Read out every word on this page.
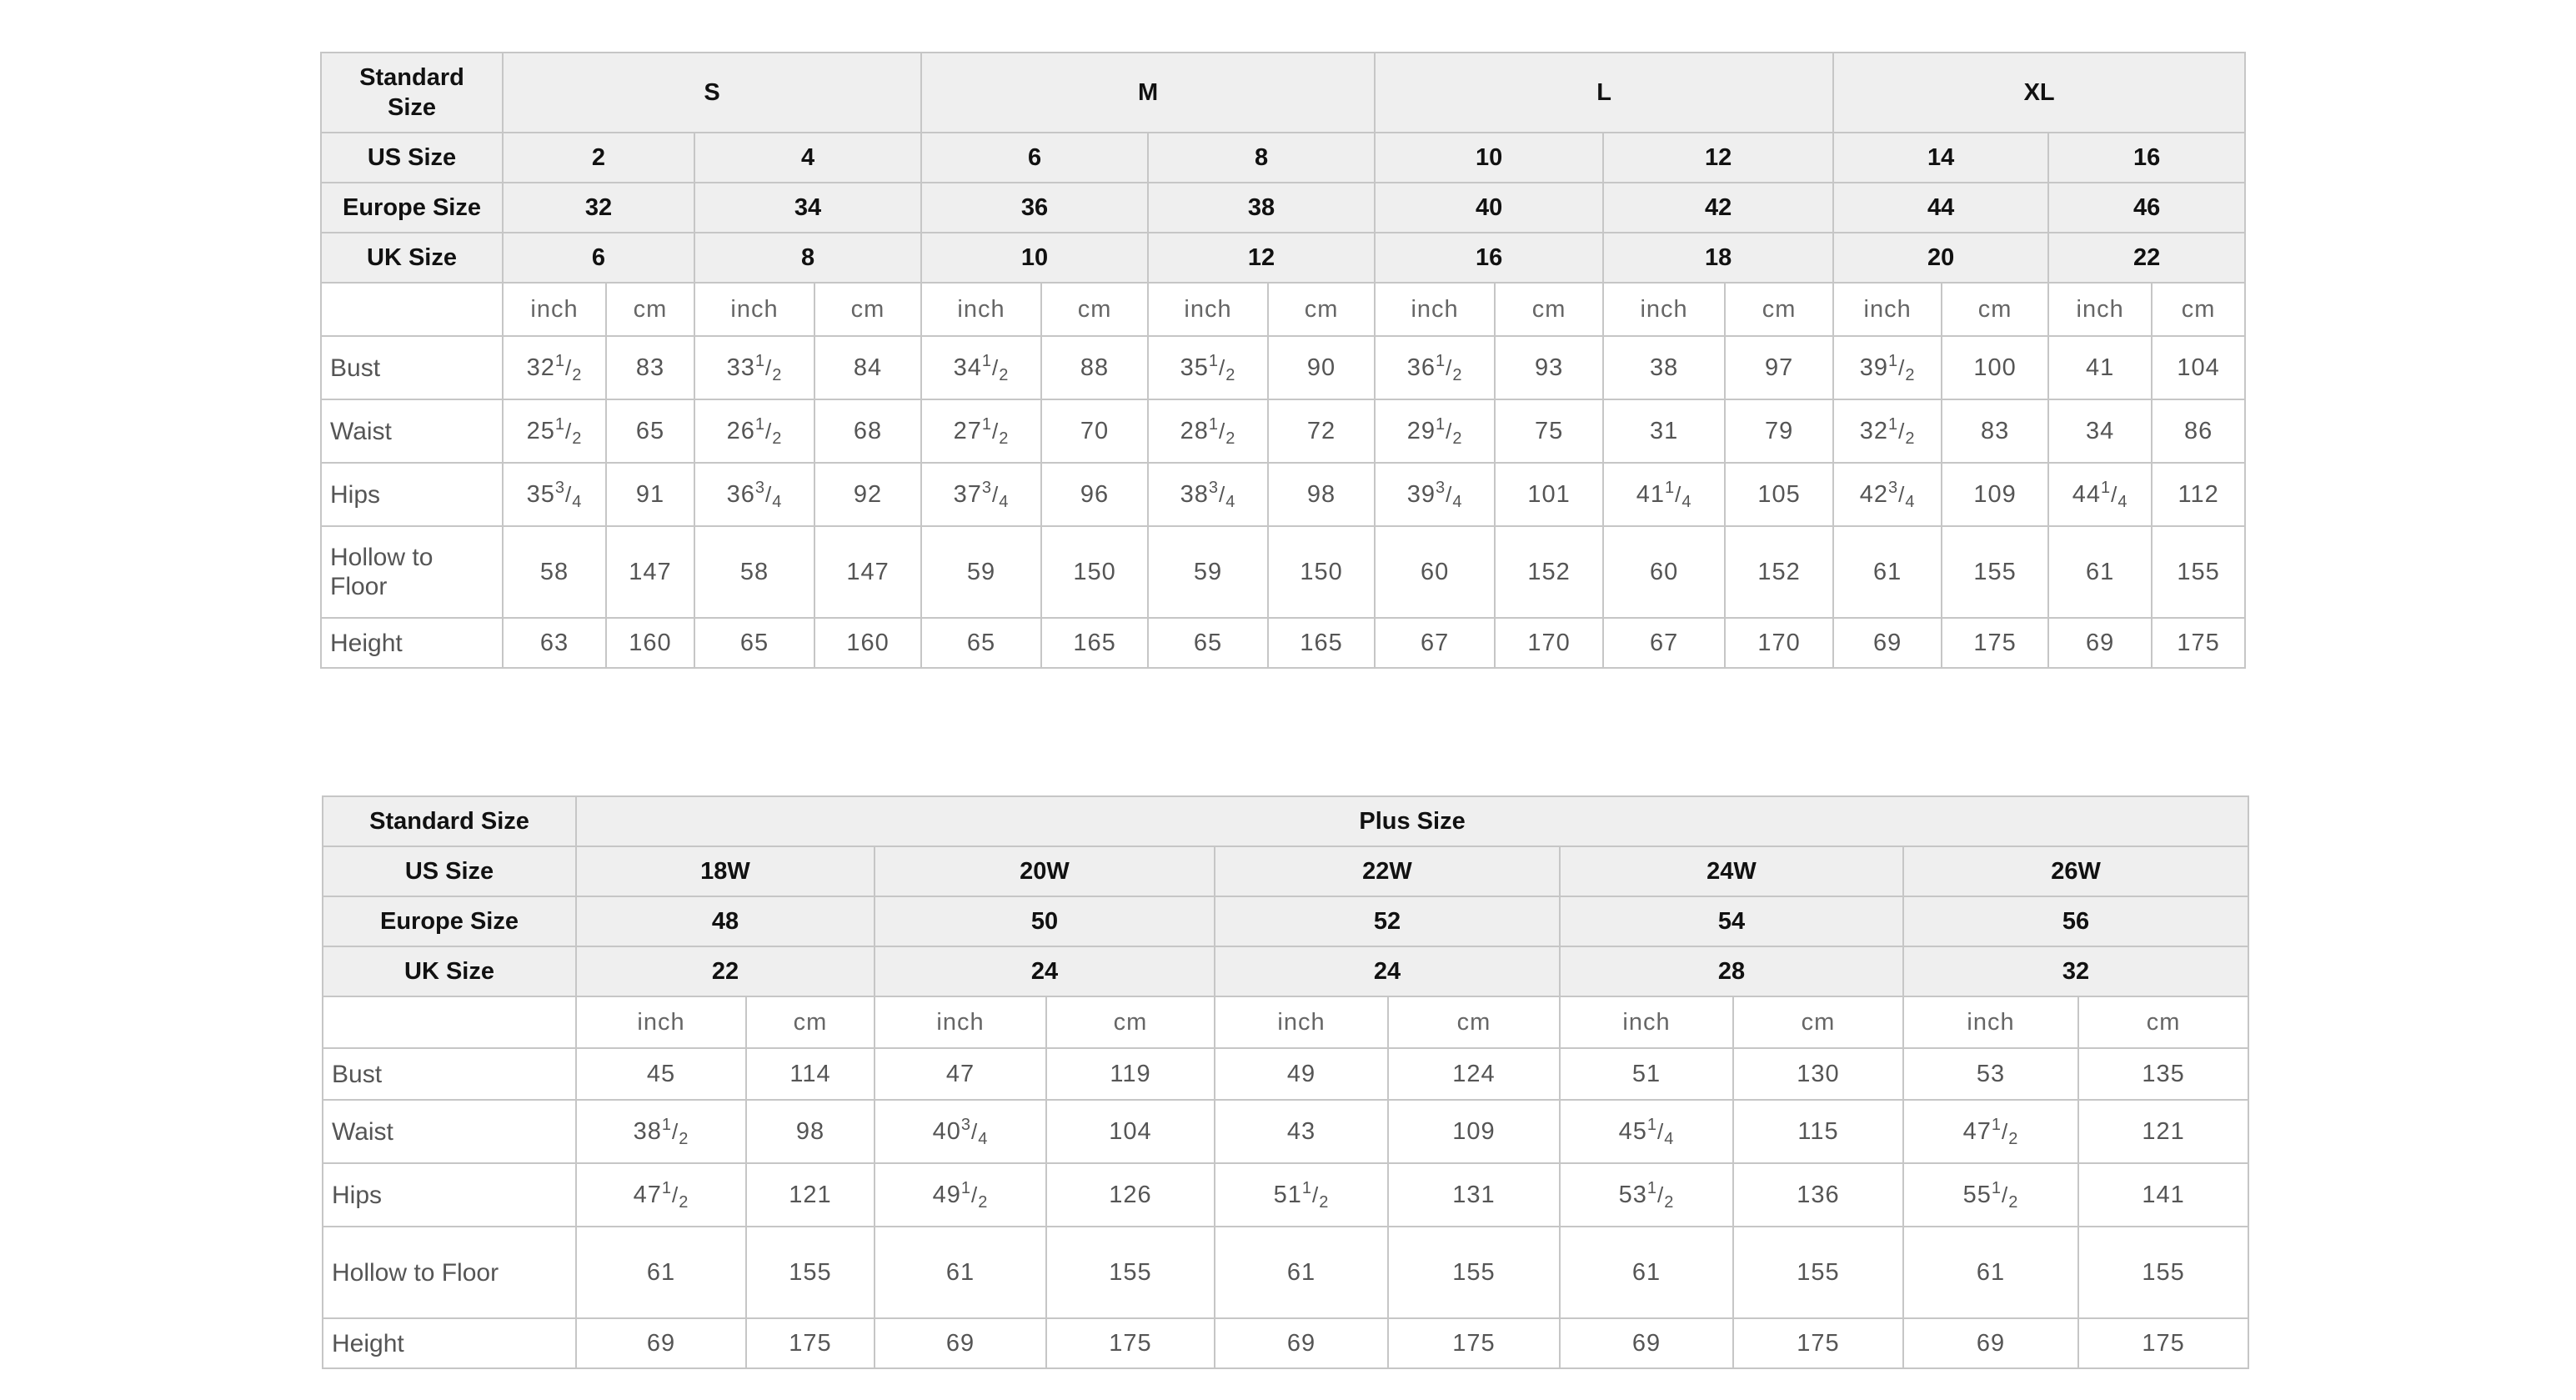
Standard
Size	S				M				L				XL			
US Size	2		4		6		8		10		12		14		16	
Europe Size	32		34		36		38		40		42		44		46	
UK Size	6		8		10		12		16		18		20		22	
	inch	cm	inch	cm	inch	cm	inch	cm	inch	cm	inch	cm	inch	cm	inch	cm
Bust	$32^1/_2$	83	$33^1/_2$	84	$34^1/_2$	88	$35^1/_2$	90	$36^1/_2$	93	38	97	$39^1/_2$	100	41	104
Waist	$25^1/_2$	65	$26^1/_2$	68	$27^1/_2$	70	$28^1/_2$	72	$29^1/_2$	75	31	79	$32^1/_2$	83	34	86
Hips	$35^3/_4$	91	$36^3/_4$	92	$37^3/_4$	96	$38^3/_4$	98	$39^3/_4$	101	$41^1/_4$	105	$42^3/_4$	109	$44^1/_4$	112
Hollow to Floor	58	147	58	147	59	150	59	150	60	152	60	152	61	155	61	155
Height	63	160	65	160	65	165	65	165	67	170	67	170	69	175	69	175
Standard Size	Plus Size									
US Size	18W		20W		22W		24W		26W	
Europe Size	48		50		52		54		56	
UK Size	22		24		24		28		32	
	inch	cm	inch	cm	inch	cm	inch	cm	inch	cm
Bust	45	114	47	119	49	124	51	130	53	135
Waist	$38^1/_2$	98	$40^3/_4$	104	43	109	$45^1/_4$	115	$47^1/_2$	121
Hips	$47^1/_2$	121	$49^1/_2$	126	$51^1/_2$	131	$53^1/_2$	136	$55^1/_2$	141
Hollow to Floor	61	155	61	155	61	155	61	155	61	155
Height	69	175	69	175	69	175	69	175	69	175
